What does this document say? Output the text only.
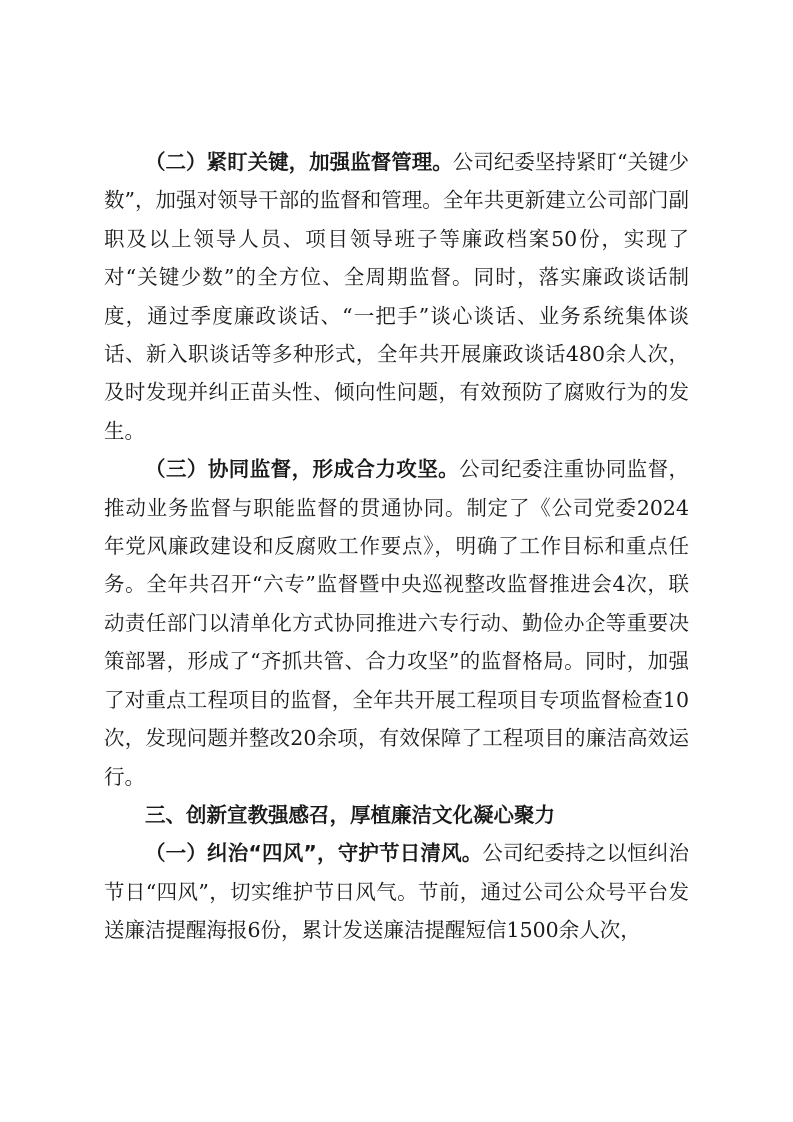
（二）紧盯关键，加强监督管理。公司纪委坚持紧盯“关键少数”，加强对领导干部的监督和管理。全年共更新建立公司部门副职及以上领导人员、项目领导班子等廉政档案50份，实现了对“关键少数”的全方位、全周期监督。同时，落实廉政谈话制度，通过季度廉政谈话、“一把手”谈心谈话、业务系统集体谈话、新入职谈话等多种形式，全年共开展廉政谈话480余人次，及时发现并纠正苗头性、倾向性问题，有效预防了腐败行为的发生。

（三）协同监督，形成合力攻坚。公司纪委注重协同监督，推动业务监督与职能监督的贯通协同。制定了《公司党委2024年党风廉政建设和反腐败工作要点》，明确了工作目标和重点任务。全年共召开“六专”监督暨中央巡视整改监督推进会4次，联动责任部门以清单化方式协同推进六专行动、勤俭办企等重要决策部署，形成了“齐抓共管、合力攻坚”的监督格局。同时，加强了对重点工程项目的监督，全年共开展工程项目专项监督检查10次，发现问题并整改20余项，有效保障了工程项目的廉洁高效运行。

三、创新宣教强感召，厚植廉洁文化凝心聚力

（一）纠治“四风”，守护节日清风。公司纪委持之以恒纠治节日“四风”，切实维护节日风气。节前，通过公司公众号平台发送廉洁提醒海报6份，累计发送廉洁提醒短信1500余人次，
